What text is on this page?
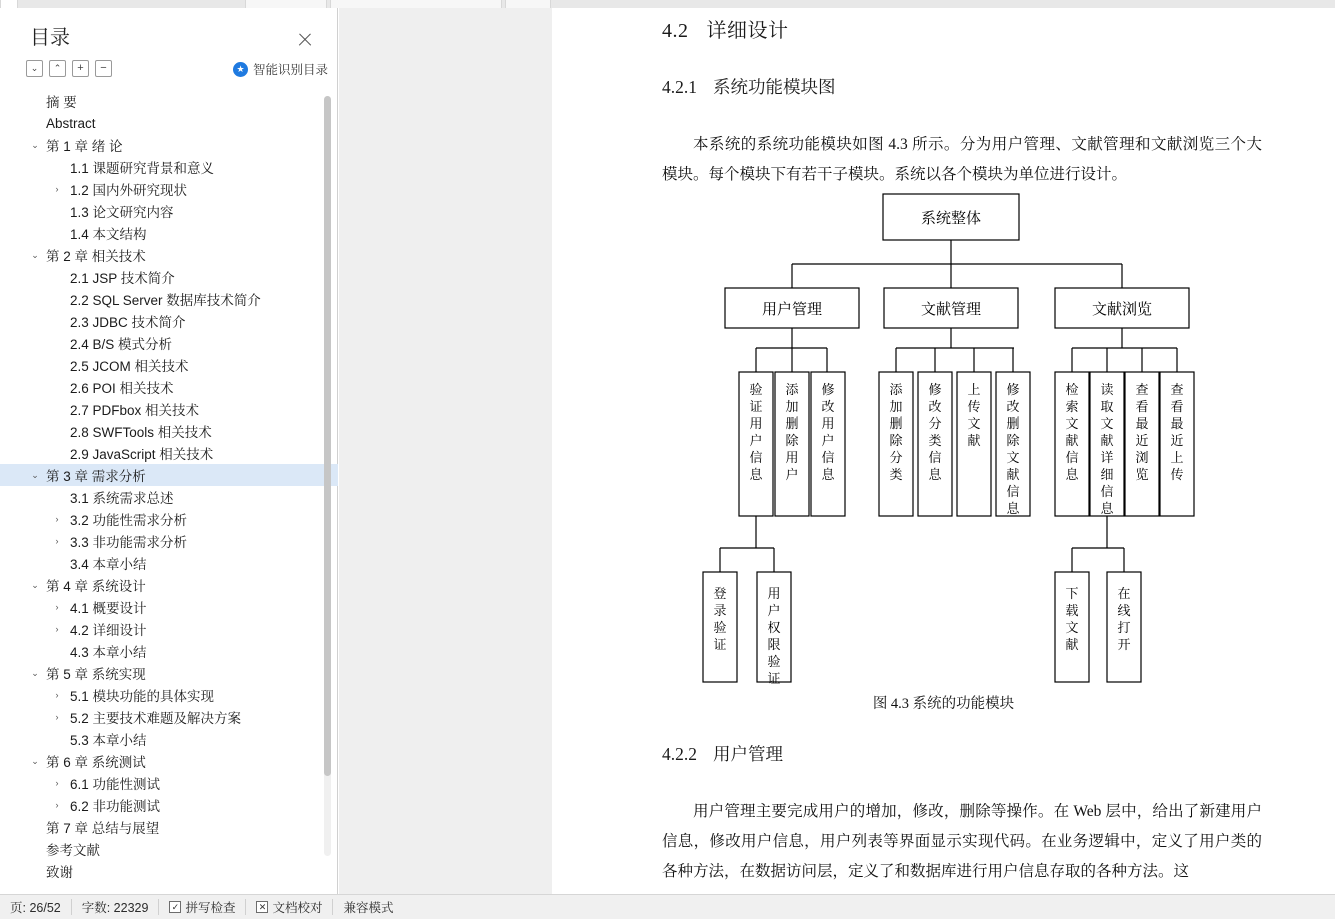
目录
⌄ ⌃ + −	★ 智能识别目录
摘 要
Abstract
⌄ 第 1 章 绪 论
1.1 课题研究背景和意义
› 1.2 国内外研究现状
1.3 论文研究内容
1.4 本文结构
⌄ 第 2 章 相关技术
2.1 JSP 技术简介
2.2 SQL Server 数据库技术简介
2.3 JDBC 技术简介
2.4 B/S 模式分析
2.5 JCOM 相关技术
2.6 POI 相关技术
2.7 PDFbox 相关技术
2.8 SWFTools 相关技术
2.9 JavaScript 相关技术
⌄ 第 3 章 需求分析
3.1 系统需求总述
› 3.2 功能性需求分析
› 3.3 非功能需求分析
3.4 本章小结
⌄ 第 4 章 系统设计
› 4.1 概要设计
› 4.2 详细设计
4.3 本章小结
⌄ 第 5 章 系统实现
› 5.1 模块功能的具体实现
› 5.2 主要技术难题及解决方案
5.3 本章小结
⌄ 第 6 章 系统测试
› 6.1 功能性测试
› 6.2 非功能测试
第 7 章 总结与展望
参考文献
致谢
4.2 详细设计
4.2.1 系统功能模块图
本系统的系统功能模块如图 4.3 所示。分为用户管理、文献管理和文献浏览三个大模块。每个模块下有若干子模块。系统以各个模块为单位进行设计。
系统整体
用户管理	文献管理	文献浏览
验证用户信息
添加删除用户
修改用户信息
登录验证
用户权限验证
添加删除分类
修改分类信息
上传文献
修改删除文献信息
检索文献信息
读取文献详细信息
查看最近浏览
查看最近上传
下载文献
在线打开
图 4.3 系统的功能模块
4.2.2 用户管理
用户管理主要完成用户的增加，修改，删除等操作。在 Web 层中，给出了新建用户信息，修改用户信息，用户列表等界面显示实现代码。在业务逻辑中，定义了用户类的各种方法，在数据访问层，定义了和数据库进行用户信息存取的各种方法。这
页: 26/52	字数: 22329	✓ 拼写检查	✕ 文档校对	兼容模式
